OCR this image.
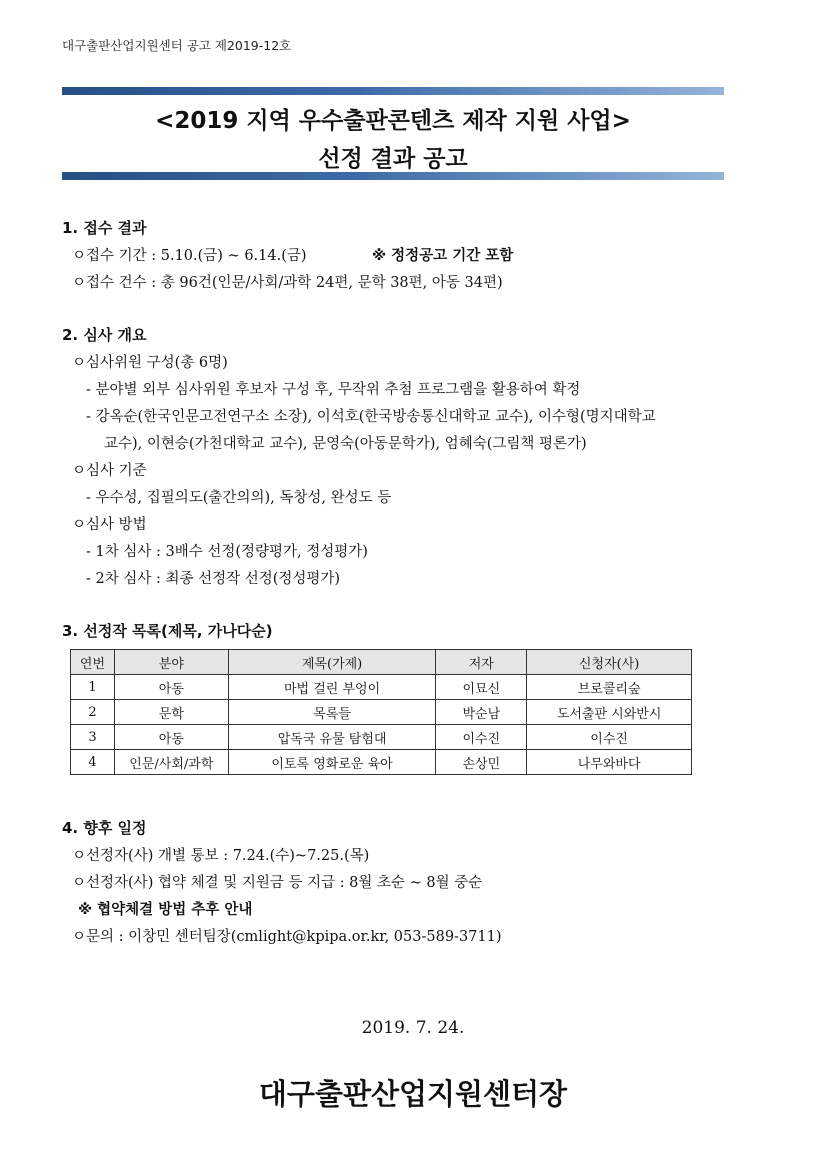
대구출판산업지원센터 공고 제2019-12호
<2019 지역 우수출판콘텐츠 제작 지원 사업>
선정 결과 공고
1. 접수 결과
ㅇ접수 기간 : 5.10.(금) ~ 6.14.(금)	※ 정정공고 기간 포함
ㅇ접수 건수 : 총 96건(인문/사회/과학 24편, 문학 38편, 아동 34편)
2. 심사 개요
ㅇ심사위원 구성(총 6명)
- 분야별 외부 심사위원 후보자 구성 후, 무작위 추첨 프로그램을 활용하여 확정
- 강옥순(한국인문고전연구소 소장), 이석호(한국방송통신대학교 교수), 이수형(명지대학교
교수), 이현승(가천대학교 교수), 문영숙(아동문학가), 엄혜숙(그림책 평론가)
ㅇ심사 기준
- 우수성, 집필의도(출간의의), 독창성, 완성도 등
ㅇ심사 방법
- 1차 심사 : 3배수 선정(정량평가, 정성평가)
- 2차 심사 : 최종 선정작 선정(정성평가)
3. 선정작 목록(제목, 가나다순)
연번	분야	제목(가제)	저자	신청자(사)
1	아동	마법 걸린 부엉이	이묘신	브로콜리숲
2	문학	목록들	박순남	도서출판 시와반시
3	아동	압독국 유물 탐험대	이수진	이수진
4	인문/사회/과학	이토록 영화로운 육아	손상민	나무와바다
4. 향후 일정
ㅇ선정자(사) 개별 통보 : 7.24.(수)~7.25.(목)
ㅇ선정자(사) 협약 체결 및 지원금 등 지급 : 8월 초순 ~ 8월 중순
※ 협약체결 방법 추후 안내
ㅇ문의 : 이창민 센터팀장(cmlight@kpipa.or.kr, 053-589-3711)
2019. 7. 24.
대구출판산업지원센터장
